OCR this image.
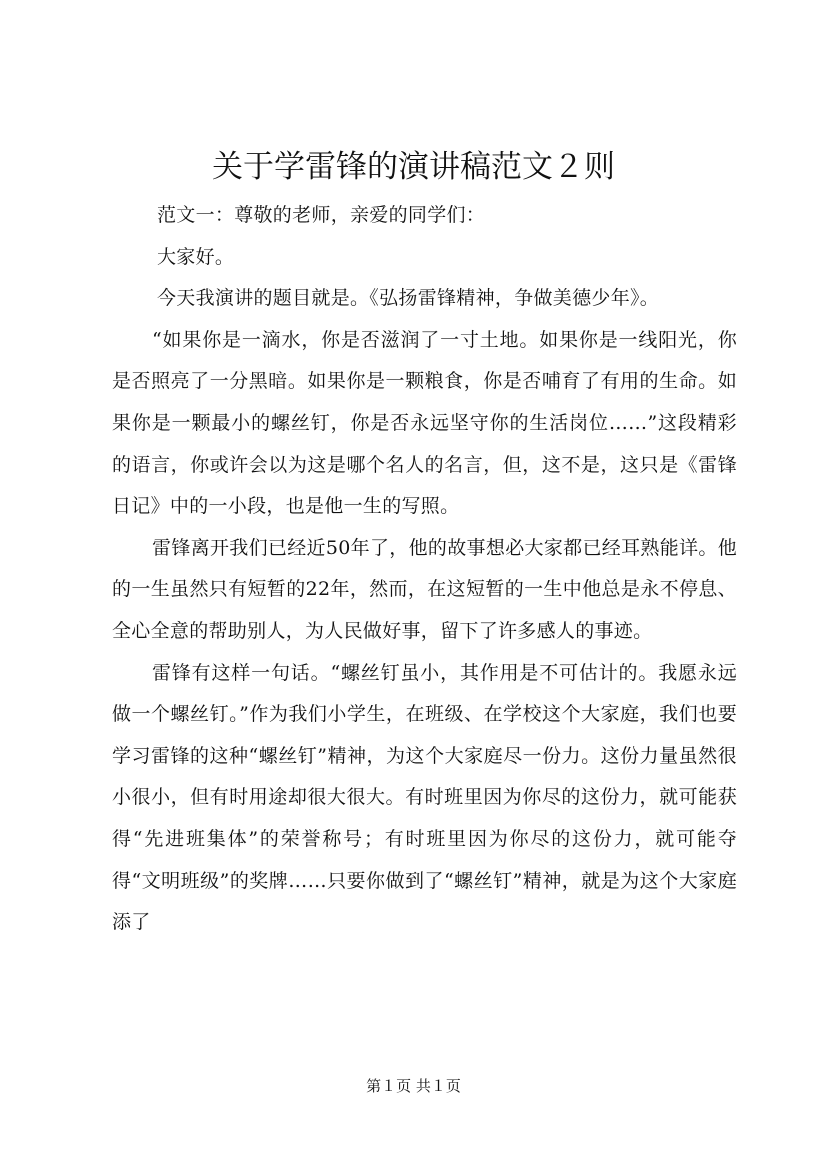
关于学雷锋的演讲稿范文２则

范文一：尊敬的老师，亲爱的同学们：

大家好。

今天我演讲的题目就是。《弘扬雷锋精神，争做美德少年》。

“如果你是一滴水，你是否滋润了一寸土地。如果你是一线阳光，你是否照亮了一分黑暗。如果你是一颗粮食，你是否哺育了有用的生命。如果你是一颗最小的螺丝钉，你是否永远坚守你的生活岗位……”这段精彩的语言，你或许会以为这是哪个名人的名言，但，这不是，这只是《雷锋日记》中的一小段，也是他一生的写照。

雷锋离开我们已经近50年了，他的故事想必大家都已经耳熟能详。他的一生虽然只有短暂的22年，然而，在这短暂的一生中他总是永不停息、全心全意的帮助别人，为人民做好事，留下了许多感人的事迹。

雷锋有这样一句话。“螺丝钉虽小，其作用是不可估计的。我愿永远做一个螺丝钉。”作为我们小学生，在班级、在学校这个大家庭，我们也要学习雷锋的这种“螺丝钉”精神，为这个大家庭尽一份力。这份力量虽然很小很小，但有时用途却很大很大。有时班里因为你尽的这份力，就可能获得“先进班集体”的荣誉称号；有时班里因为你尽的这份力，就可能夺得“文明班级”的奖牌……只要你做到了“螺丝钉”精神，就是为这个大家庭添了

第１页 共１页
